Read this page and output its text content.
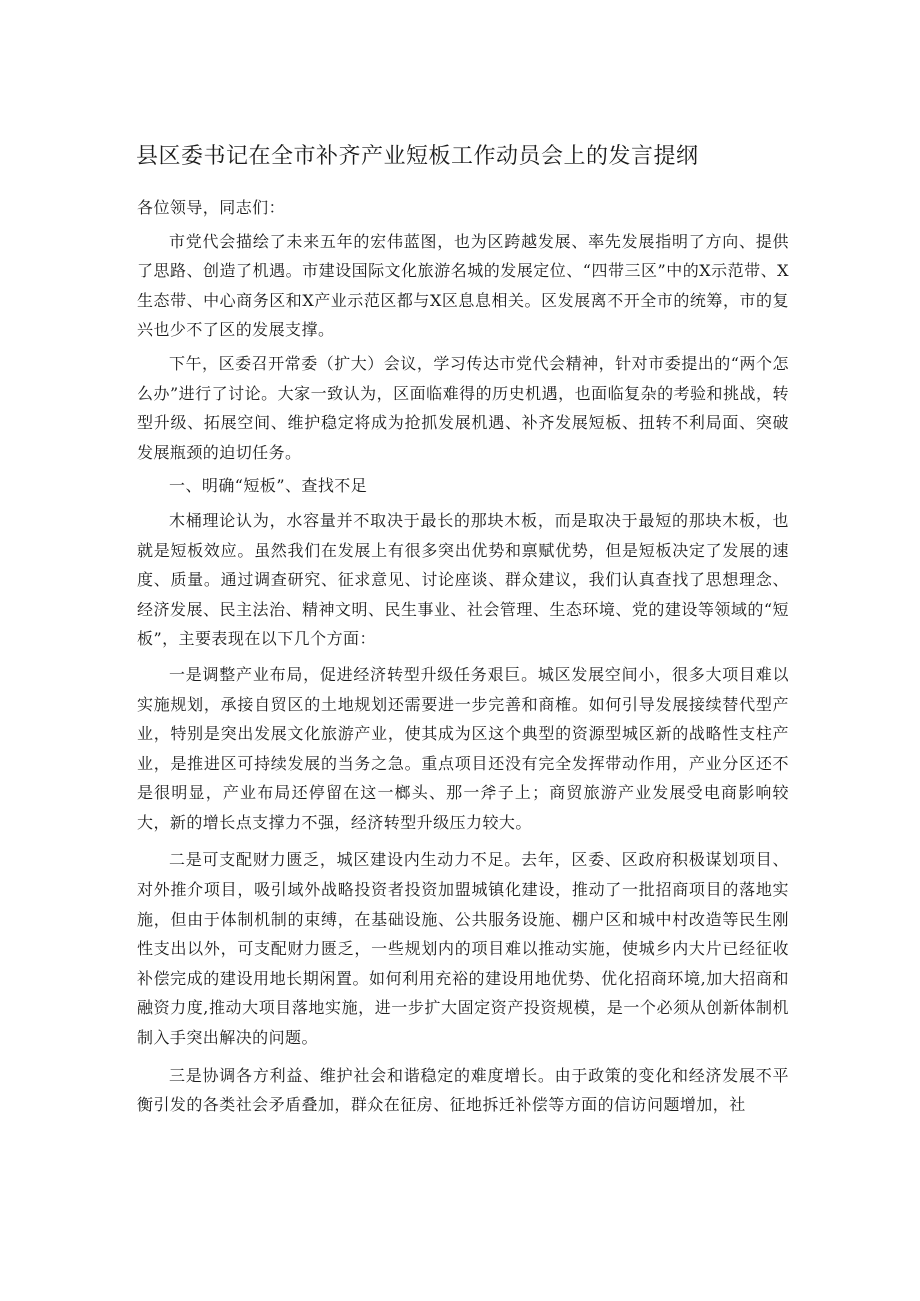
县区委书记在全市补齐产业短板工作动员会上的发言提纲

各位领导，同志们：

市党代会描绘了未来五年的宏伟蓝图，也为区跨越发展、率先发展指明了方向、提供了思路、创造了机遇。市建设国际文化旅游名城的发展定位、“四带三区”中的X示范带、X生态带、中心商务区和X产业示范区都与X区息息相关。区发展离不开全市的统筹，市的复兴也少不了区的发展支撑。

下午，区委召开常委（扩大）会议，学习传达市党代会精神，针对市委提出的“两个怎么办”进行了讨论。大家一致认为，区面临难得的历史机遇，也面临复杂的考验和挑战，转型升级、拓展空间、维护稳定将成为抢抓发展机遇、补齐发展短板、扭转不利局面、突破发展瓶颈的迫切任务。

一、明确“短板”、查找不足

木桶理论认为，水容量并不取决于最长的那块木板，而是取决于最短的那块木板，也就是短板效应。虽然我们在发展上有很多突出优势和禀赋优势，但是短板决定了发展的速度、质量。通过调查研究、征求意见、讨论座谈、群众建议，我们认真查找了思想理念、经济发展、民主法治、精神文明、民生事业、社会管理、生态环境、党的建设等领域的“短板”，主要表现在以下几个方面：

一是调整产业布局，促进经济转型升级任务艰巨。城区发展空间小，很多大项目难以实施规划，承接自贸区的土地规划还需要进一步完善和商榷。如何引导发展接续替代型产业，特别是突出发展文化旅游产业，使其成为区这个典型的资源型城区新的战略性支柱产业，是推进区可持续发展的当务之急。重点项目还没有完全发挥带动作用，产业分区还不是很明显，产业布局还停留在这一榔头、那一斧子上；商贸旅游产业发展受电商影响较大，新的增长点支撑力不强，经济转型升级压力较大。

二是可支配财力匮乏，城区建设内生动力不足。去年，区委、区政府积极谋划项目、对外推介项目，吸引域外战略投资者投资加盟城镇化建设，推动了一批招商项目的落地实施，但由于体制机制的束缚，在基础设施、公共服务设施、棚户区和城中村改造等民生刚性支出以外，可支配财力匮乏，一些规划内的项目难以推动实施，使城乡内大片已经征收补偿完成的建设用地长期闲置。如何利用充裕的建设用地优势、优化招商环境,加大招商和融资力度,推动大项目落地实施，进一步扩大固定资产投资规模，是一个必须从创新体制机制入手突出解决的问题。

三是协调各方利益、维护社会和谐稳定的难度增长。由于政策的变化和经济发展不平衡引发的各类社会矛盾叠加，群众在征房、征地拆迁补偿等方面的信访问题增加，社
